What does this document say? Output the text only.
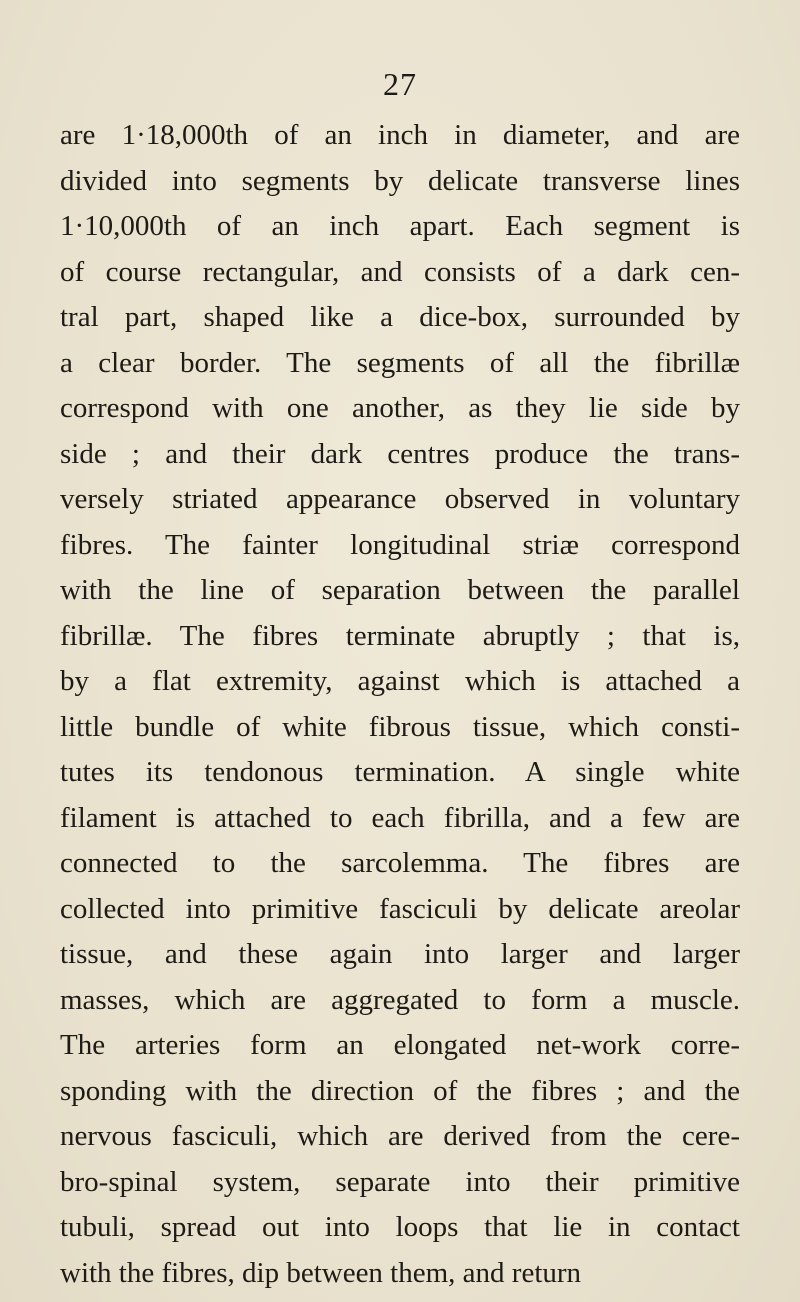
27
are 1·18,000th of an inch in diameter, and are
divided into segments by delicate transverse lines
1·10,000th of an inch apart. Each segment is
of course rectangular, and consists of a dark cen-
tral part, shaped like a dice-box, surrounded by
a clear border. The segments of all the fibrillæ
correspond with one another, as they lie side by
side ; and their dark centres produce the trans-
versely striated appearance observed in voluntary
fibres. The fainter longitudinal striæ correspond
with the line of separation between the parallel
fibrillæ. The fibres terminate abruptly ; that is,
by a flat extremity, against which is attached a
little bundle of white fibrous tissue, which consti-
tutes its tendonous termination. A single white
filament is attached to each fibrilla, and a few are
connected to the sarcolemma. The fibres are
collected into primitive fasciculi by delicate areolar
tissue, and these again into larger and larger
masses, which are aggregated to form a muscle.
The arteries form an elongated net-work corre-
sponding with the direction of the fibres ; and the
nervous fasciculi, which are derived from the cere-
bro-spinal system, separate into their primitive
tubuli, spread out into loops that lie in contact
with the fibres, dip between them, and return
